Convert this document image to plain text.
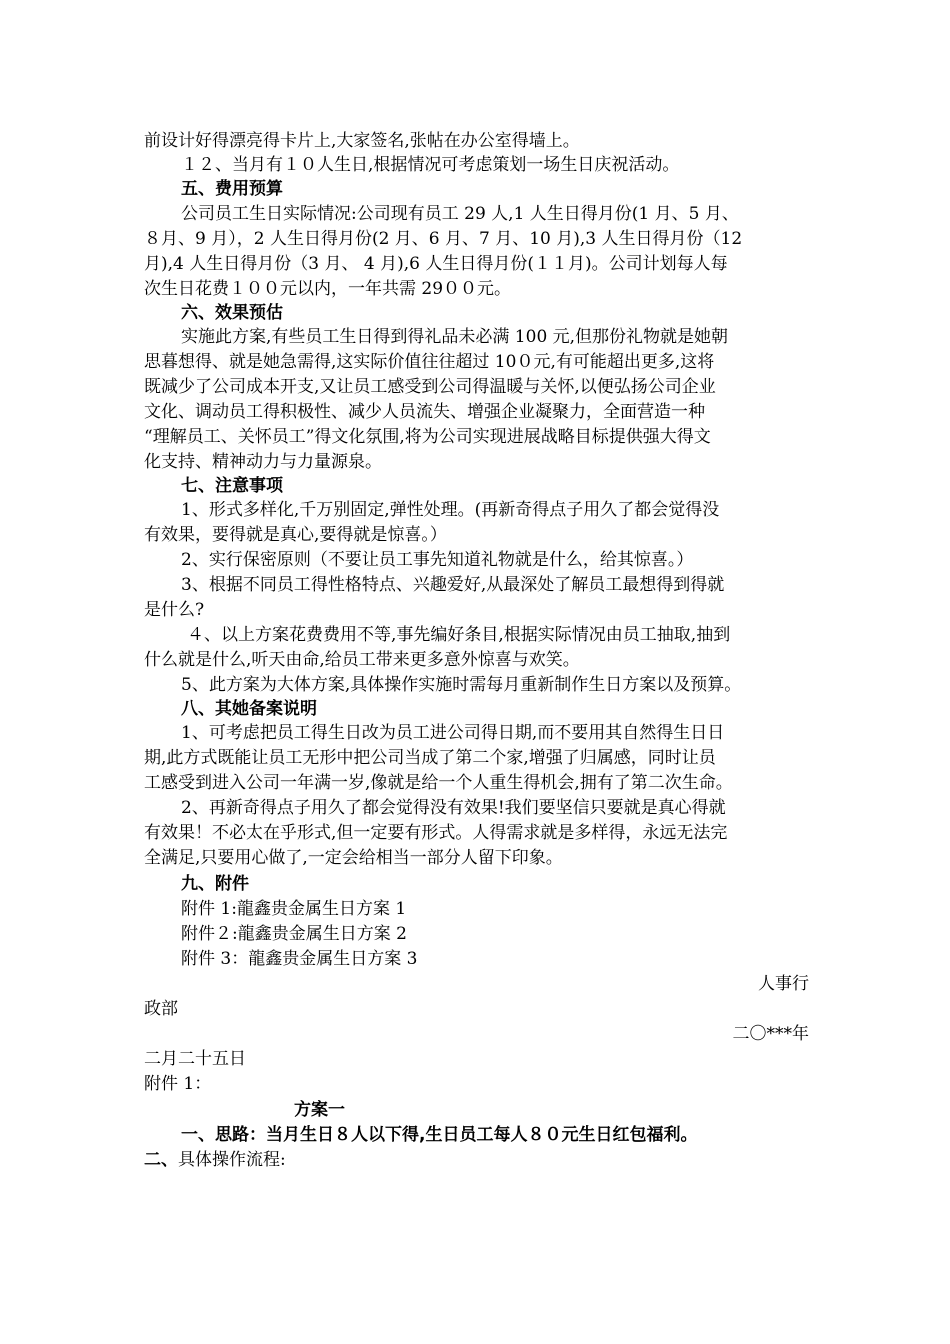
前设计好得漂亮得卡片上,大家签名,张帖在办公室得墙上。
１２、当月有１０人生日,根据情况可考虑策划一场生日庆祝活动。
五、费用预算
公司员工生日实际情况:公司现有员工 29 人,1 人生日得月份(1 月、5 月、
８月、9 月），2 人生日得月份(2 月、6 月、7 月、10 月),3 人生日得月份（12
月),4 人生日得月份（3 月、 4 月),6 人生日得月份(１１月)。公司计划每人每
次生日花费１００元以内，一年共需 29００元。
六、效果预估
实施此方案,有些员工生日得到得礼品未必满 100 元,但那份礼物就是她朝
思暮想得、就是她急需得,这实际价值往往超过 10０元,有可能超出更多,这将
既减少了公司成本开支,又让员工感受到公司得温暖与关怀,以便弘扬公司企业
文化、调动员工得积极性、减少人员流失、增强企业凝聚力，全面营造一种
“理解员工、关怀员工”得文化氛围,将为公司实现进展战略目标提供强大得文
化支持、精神动力与力量源泉。
七、注意事项
1、形式多样化,千万别固定,弹性处理。(再新奇得点子用久了都会觉得没
有效果，要得就是真心,要得就是惊喜。）
2、实行保密原则（不要让员工事先知道礼物就是什么，给其惊喜。）
3、根据不同员工得性格特点、兴趣爱好,从最深处了解员工最想得到得就
是什么?
４、以上方案花费费用不等,事先编好条目,根据实际情况由员工抽取,抽到
什么就是什么,听天由命,给员工带来更多意外惊喜与欢笑。
5、此方案为大体方案,具体操作实施时需每月重新制作生日方案以及预算。
八、其她备案说明
1、可考虑把员工得生日改为员工进公司得日期,而不要用其自然得生日日
期,此方式既能让员工无形中把公司当成了第二个家,增强了归属感，同时让员
工感受到进入公司一年满一岁,像就是给一个人重生得机会,拥有了第二次生命。
2、再新奇得点子用久了都会觉得没有效果!我们要坚信只要就是真心得就
有效果！不必太在乎形式,但一定要有形式。人得需求就是多样得，永远无法完
全满足,只要用心做了,一定会给相当一部分人留下印象。
九、附件
附件 1:龍鑫贵金属生日方案 1
附件２:龍鑫贵金属生日方案 2
附件 3：龍鑫贵金属生日方案 3
人事行
政部
二〇***年
二月二十五日
附件 1：
方案一
一、思路：当月生日８人以下得,生日员工每人８０元生日红包福利。
二、具体操作流程:
